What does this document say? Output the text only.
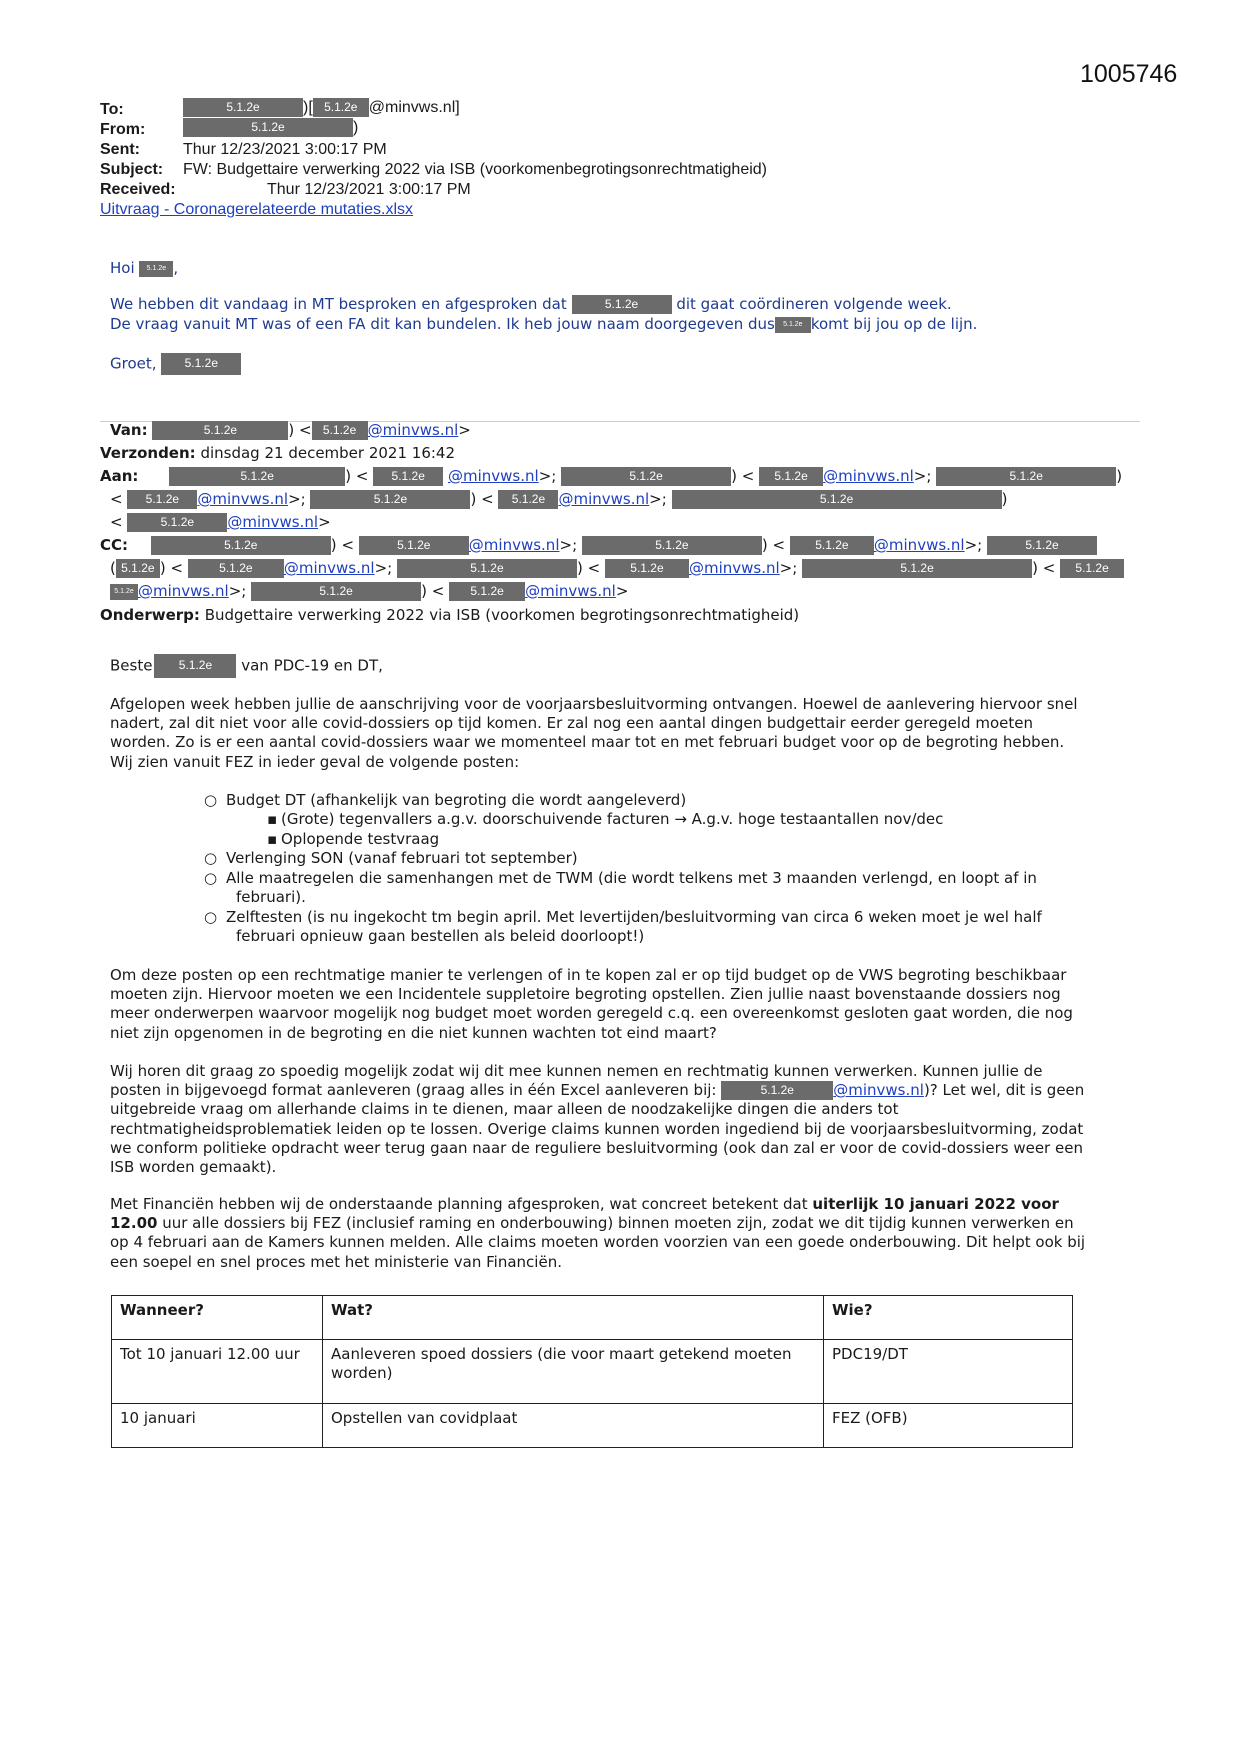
1005746
To:	5.1.2e	)[ 5.1.2e @minvws.nl]
From:	5.1.2e	)
Sent:	Thur 12/23/2021 3:00:17 PM
Subject: FW: Budgettaire verwerking 2022 via ISB (voorkomenbegrotingsonrechtmatigheid)
Received:	Thur 12/23/2021 3:00:17 PM
Uitvraag - Coronagerelateerde mutaties.xlsx
Hoi 5.1.2e ,
We hebben dit vandaag in MT besproken en afgesproken dat	5.1.2e	dit gaat coördineren volgende week.
De vraag vanuit MT was of een FA dit kan bundelen. Ik heb jouw naam doorgegeven dus 5.1.2e komt bij jou op de lijn.
Groet, 5.1.2e
Van:	5.1.2e	) < 5.1.2e @minvws.nl>
Verzonden: dinsdag 21 december 2021 16:42
Aan:	5.1.2e	) < 5.1.2e @minvws.nl>;	5.1.2e	) < 5.1.2e @minvws.nl>;	5.1.2e	)
< 5.1.2e @minvws.nl>;	5.1.2e	) < 5.1.2e @minvws.nl>;	5.1.2e	)
<	5.1.2e @minvws.nl>
CC:	5.1.2e	) <	5.1.2e	@minvws.nl>;	5.1.2e	) <	5.1.2e @minvws.nl>;	5.1.2e
( 5.1.2e ) <	5.1.2e @minvws.nl>;	5.1.2e	) <	5.1.2e @minvws.nl>;	5.1.2e	) < 5.1.2e
5.1.2e @minvws.nl>;	5.1.2e	) < 5.1.2e @minvws.nl>
Onderwerp: Budgettaire verwerking 2022 via ISB (voorkomen begrotingsonrechtmatigheid)
Beste 5.1.2e van PDC-19 en DT,
Afgelopen week hebben jullie de aanschrijving voor de voorjaarsbesluitvorming ontvangen. Hoewel de aanlevering hiervoor snel
nadert, zal dit niet voor alle covid-dossiers op tijd komen. Er zal nog een aantal dingen budgettair eerder geregeld moeten
worden. Zo is er een aantal covid-dossiers waar we momenteel maar tot en met februari budget voor op de begroting hebben.
Wij zien vanuit FEZ in ieder geval de volgende posten:
○ Budget DT (afhankelijk van begroting die wordt aangeleverd)
▪ (Grote) tegenvallers a.g.v. doorschuivende facturen → A.g.v. hoge testaantallen nov/dec
▪ Oplopende testvraag
○ Verlenging SON (vanaf februari tot september)
○ Alle maatregelen die samenhangen met de TWM (die wordt telkens met 3 maanden verlengd, en loopt af in
februari).
○ Zelftesten (is nu ingekocht tm begin april. Met levertijden/besluitvorming van circa 6 weken moet je wel half
februari opnieuw gaan bestellen als beleid doorloopt!)
Om deze posten op een rechtmatige manier te verlengen of in te kopen zal er op tijd budget op de VWS begroting beschikbaar
moeten zijn. Hiervoor moeten we een Incidentele suppletoire begroting opstellen. Zien jullie naast bovenstaande dossiers nog
meer onderwerpen waarvoor mogelijk nog budget moet worden geregeld c.q. een overeenkomst gesloten gaat worden, die nog
niet zijn opgenomen in de begroting en die niet kunnen wachten tot eind maart?
Wij horen dit graag zo spoedig mogelijk zodat wij dit mee kunnen nemen en rechtmatig kunnen verwerken. Kunnen jullie de
posten in bijgevoegd format aanleveren (graag alles in één Excel aanleveren bij:	5.1.2e	@minvws.nl)? Let wel, dit is geen
uitgebreide vraag om allerhande claims in te dienen, maar alleen de noodzakelijke dingen die anders tot
rechtmatigheidsproblematiek leiden op te lossen. Overige claims kunnen worden ingediend bij de voorjaarsbesluitvorming, zodat
we conform politieke opdracht weer terug gaan naar de reguliere besluitvorming (ook dan zal er voor de covid-dossiers weer een
ISB worden gemaakt).
Met Financiën hebben wij de onderstaande planning afgesproken, wat concreet betekent dat uiterlijk 10 januari 2022 voor
12.00 uur alle dossiers bij FEZ (inclusief raming en onderbouwing) binnen moeten zijn, zodat we dit tijdig kunnen verwerken en
op 4 februari aan de Kamers kunnen melden. Alle claims moeten worden voorzien van een goede onderbouwing. Dit helpt ook bij
een soepel en snel proces met het ministerie van Financiën.
Wanneer?	Wat?	Wie?
Tot 10 januari 12.00 uur	Aanleveren spoed dossiers (die voor maart getekend moeten worden)	PDC19/DT
10 januari	Opstellen van covidplaat	FEZ (OFB)
